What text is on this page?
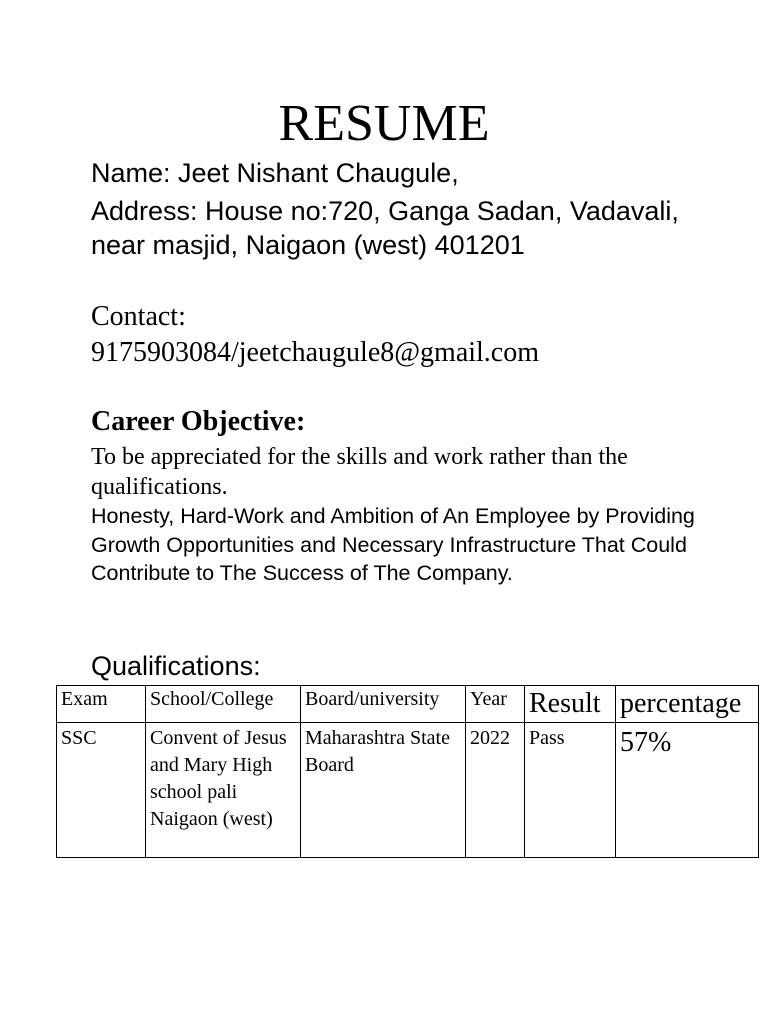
RESUME
Name: Jeet Nishant Chaugule,
Address: House no:720, Ganga Sadan, Vadavali, near masjid, Naigaon (west) 401201
Contact:
9175903084/jeetchaugule8@gmail.com
Career Objective:
To be appreciated for the skills and work rather than the qualifications.
Honesty, Hard-Work and Ambition of An Employee by Providing Growth Opportunities and Necessary Infrastructure That Could Contribute to The Success of The Company.
Qualifications:
Exam	School/College	Board/university	Year	Result	percentage
SSC	Convent of Jesus and Mary High school pali Naigaon (west)	Maharashtra State Board	2022	Pass	57%
